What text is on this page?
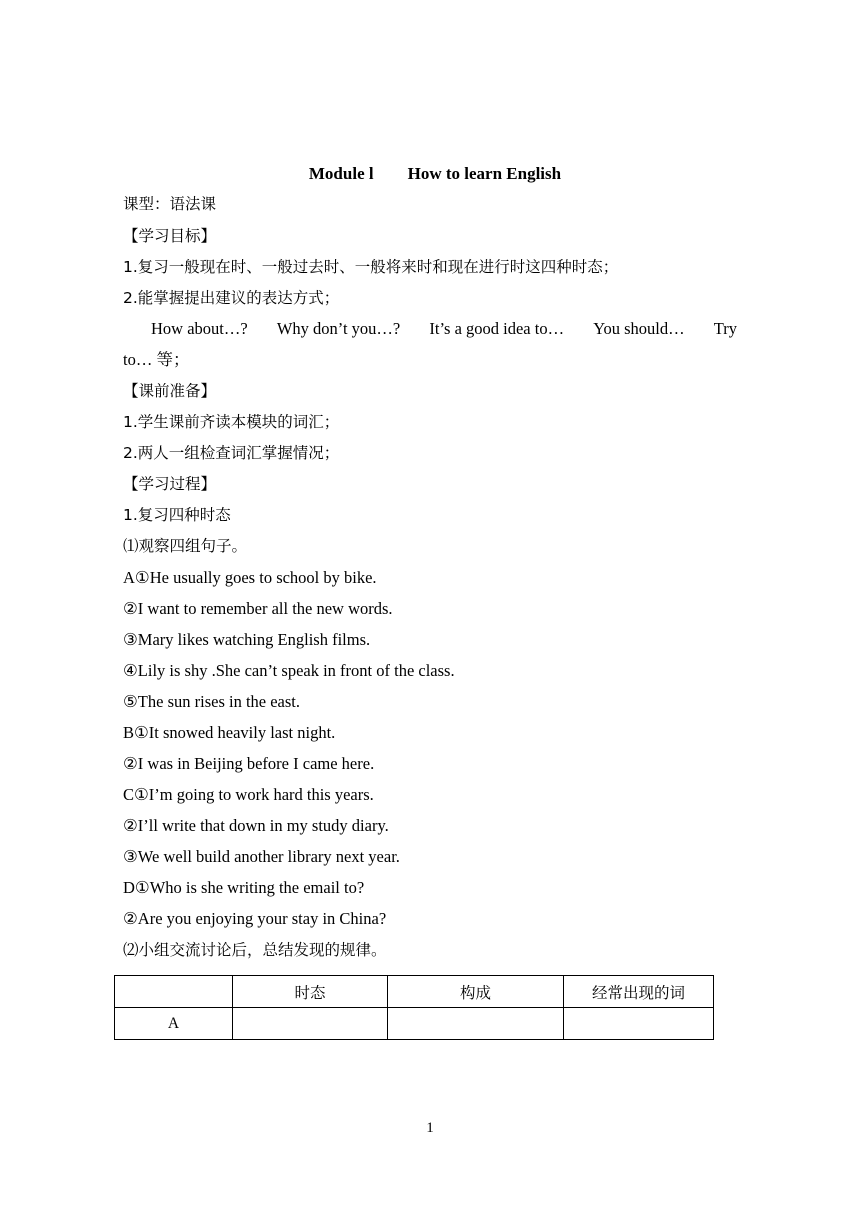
Module l How to learn English
课型：语法课
【学习目标】
1.复习一般现在时、一般过去时、一般将来时和现在进行时这四种时态；
2.能掌握提出建议的表达方式；
How about…? Why don’t you…? It’s a good idea to… You should… Try
to… 等；
【课前准备】
1.学生课前齐读本模块的词汇；
2.两人一组检查词汇掌握情况；
【学习过程】
1.复习四种时态
⑴观察四组句子。
A①He usually goes to school by bike.
②I want to remember all the new words.
③Mary likes watching English films.
④Lily is shy .She can’t speak in front of the class.
⑤The sun rises in the east.
B①It snowed heavily last night.
②I was in Beijing before I came here.
C①I’m going to work hard this years.
②I’ll write that down in my study diary.
③We well build another library next year.
D①Who is she writing the email to?
②Are you enjoying your stay in China?
⑵小组交流讨论后，总结发现的规律。
	时态	构成	经常出现的词
A			
1
